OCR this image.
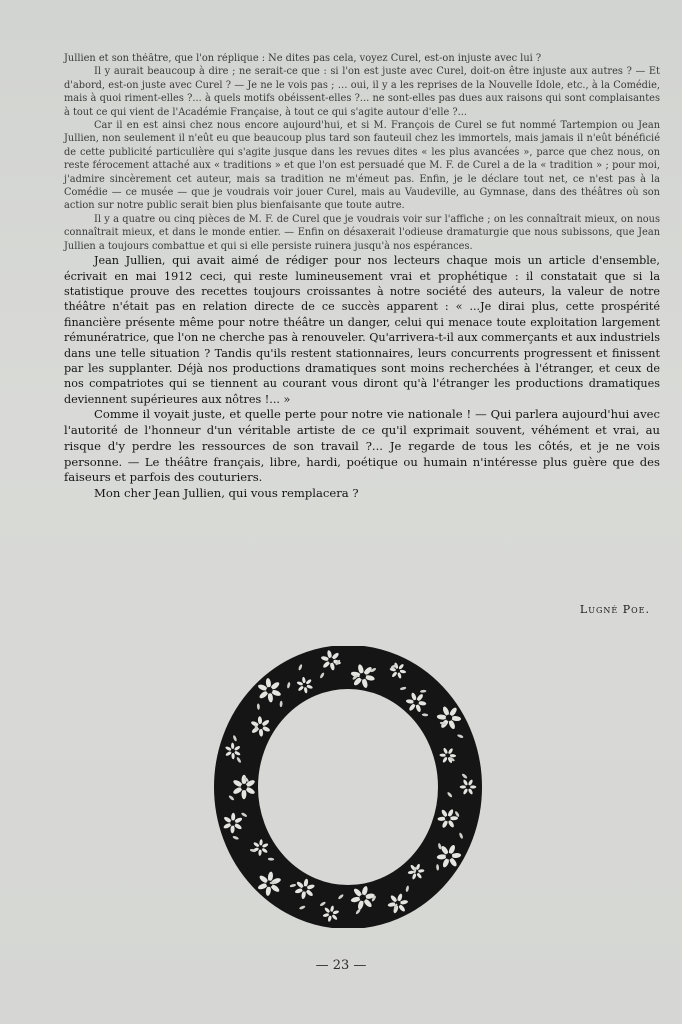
Jullien et son théâtre, que l'on réplique : Ne dites pas cela, voyez Curel, est-on injuste avec lui ?

Il y aurait beaucoup à dire ; ne serait-ce que : si l'on est juste avec Curel, doit-on être injuste aux autres ? — Et d'abord, est-on juste avec Curel ? — Je ne le vois pas ; … oui, il y a les reprises de la Nouvelle Idole, etc., à la Comédie, mais à quoi riment-elles ?... à quels motifs obéissent-elles ?... ne sont-elles pas dues aux raisons qui sont complaisantes à tout ce qui vient de l'Académie Française, à tout ce qui s'agite autour d'elle ?...

Car il en est ainsi chez nous encore aujourd'hui, et si M. François de Curel se fut nommé Tartempion ou Jean Jullien, non seulement il n'eût eu que beaucoup plus tard son fauteuil chez les immortels, mais jamais il n'eût bénéficié de cette publicité particulière qui s'agite jusque dans les revues dites « les plus avancées », parce que chez nous, on reste férocement attaché aux « traditions » et que l'on est persuadé que M. F. de Curel a de la « tradition » ; pour moi, j'admire sincèrement cet auteur, mais sa tradition ne m'émeut pas. Enfin, je le déclare tout net, ce n'est pas à la Comédie — ce musée — que je voudrais voir jouer Curel, mais au Vaudeville, au Gymnase, dans des théâtres où son action sur notre public serait bien plus bienfaisante que toute autre.

Il y a quatre ou cinq pièces de M. F. de Curel que je voudrais voir sur l'affiche ; on les connaîtrait mieux, on nous connaîtrait mieux, et dans le monde entier. — Enfin on désaxerait l'odieuse dramaturgie que nous subissons, que Jean Jullien a toujours combattue et qui si elle persiste ruinera jusqu'à nos espérances.

Jean Jullien, qui avait aimé de rédiger pour nos lecteurs chaque mois un article d'ensemble, écrivait en mai 1912 ceci, qui reste lumineusement vrai et prophétique : il constatait que si la statistique prouve des recettes toujours croissantes à notre société des auteurs, la valeur de notre théâtre n'était pas en relation directe de ce succès apparent : « ...Je dirai plus, cette prospérité financière présente même pour notre théâtre un danger, celui qui menace toute exploitation largement rémunératrice, que l'on ne cherche pas à renouveler. Qu'arrivera-t-il aux commerçants et aux industriels dans une telle situation ? Tandis qu'ils restent stationnaires, leurs concurrents progressent et finissent par les supplanter. Déjà nos productions dramatiques sont moins recherchées à l'étranger, et ceux de nos compatriotes qui se tiennent au courant vous diront qu'à l'étranger les productions dramatiques deviennent supérieures aux nôtres !... »

Comme il voyait juste, et quelle perte pour notre vie nationale ! — Qui parlera aujourd'hui avec l'autorité de l'honneur d'un véritable artiste de ce qu'il exprimait souvent, véhément et vrai, au risque d'y perdre les ressources de son travail ?... Je regarde de tous les côtés, et je ne vois personne. — Le théâtre français, libre, hardi, poétique ou humain n'intéresse plus guère que des faiseurs et parfois des couturiers.

Mon cher Jean Jullien, qui vous remplacera ?

Lugné Poe.
— 23 —
